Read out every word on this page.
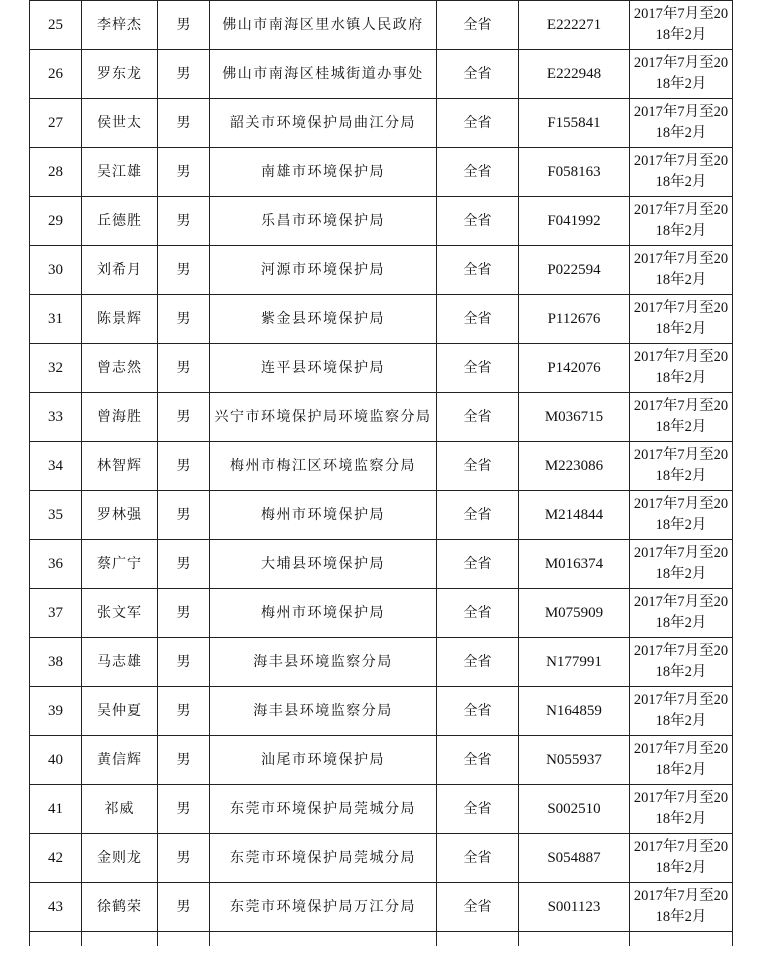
25	李梓杰	男	佛山市南海区里水镇人民政府	全省	E222271	2017年7月至2018年2月
26	罗东龙	男	佛山市南海区桂城街道办事处	全省	E222948	2017年7月至2018年2月
27	侯世太	男	韶关市环境保护局曲江分局	全省	F155841	2017年7月至2018年2月
28	吴江雄	男	南雄市环境保护局	全省	F058163	2017年7月至2018年2月
29	丘德胜	男	乐昌市环境保护局	全省	F041992	2017年7月至2018年2月
30	刘希月	男	河源市环境保护局	全省	P022594	2017年7月至2018年2月
31	陈景辉	男	紫金县环境保护局	全省	P112676	2017年7月至2018年2月
32	曾志然	男	连平县环境保护局	全省	P142076	2017年7月至2018年2月
33	曾海胜	男	兴宁市环境保护局环境监察分局	全省	M036715	2017年7月至2018年2月
34	林智辉	男	梅州市梅江区环境监察分局	全省	M223086	2017年7月至2018年2月
35	罗林强	男	梅州市环境保护局	全省	M214844	2017年7月至2018年2月
36	蔡广宁	男	大埔县环境保护局	全省	M016374	2017年7月至2018年2月
37	张文军	男	梅州市环境保护局	全省	M075909	2017年7月至2018年2月
38	马志雄	男	海丰县环境监察分局	全省	N177991	2017年7月至2018年2月
39	吴仲夏	男	海丰县环境监察分局	全省	N164859	2017年7月至2018年2月
40	黄信辉	男	汕尾市环境保护局	全省	N055937	2017年7月至2018年2月
41	祁威	男	东莞市环境保护局莞城分局	全省	S002510	2017年7月至2018年2月
42	金则龙	男	东莞市环境保护局莞城分局	全省	S054887	2017年7月至2018年2月
43	徐鹤荣	男	东莞市环境保护局万江分局	全省	S001123	2017年7月至2018年2月
